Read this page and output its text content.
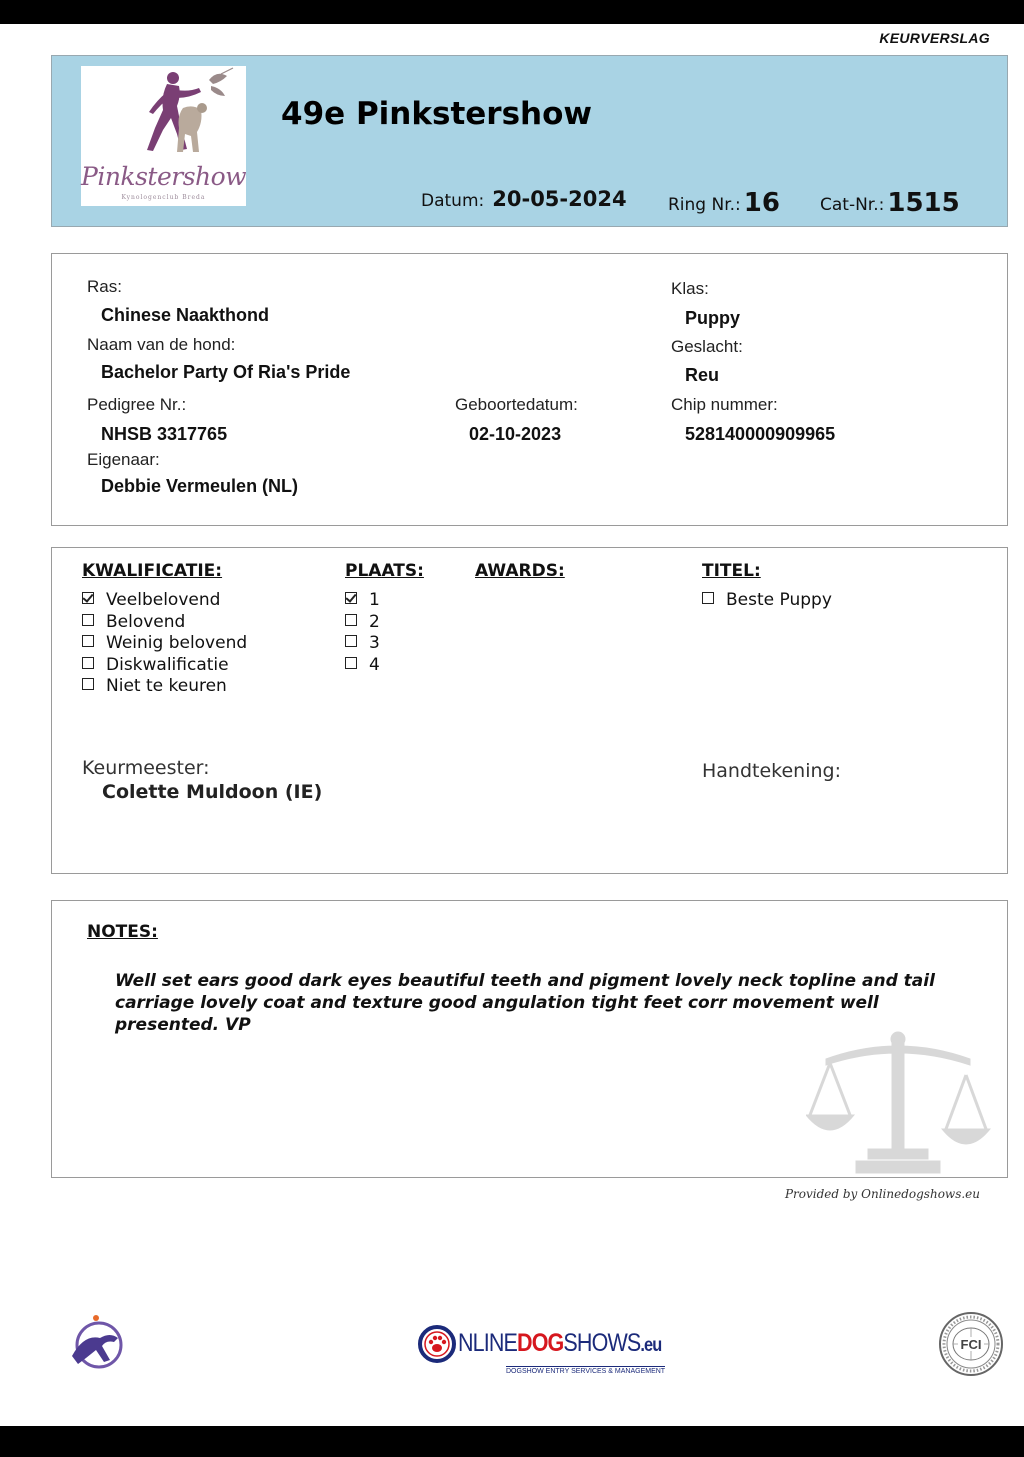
KEURVERSLAG
Pinkstershow
Kynologenclub Breda
49e Pinkstershow
Datum: 20-05-2024 Ring Nr.: 16 Cat-Nr.: 1515
Ras:
Chinese Naakthond
Naam van de hond:
Bachelor Party Of Ria's Pride
Pedigree Nr.:
NHSB 3317765
Geboortedatum:
02-10-2023
Eigenaar:
Debbie Vermeulen (NL)
Klas:
Puppy
Geslacht:
Reu
Chip nummer:
528140000909965
KWALIFICATIE:
Veelbelovend
Belovend
Weinig belovend
Diskwalificatie
Niet te keuren
PLAATS:
1
2
3
4
AWARDS:	TITEL:
Beste Puppy
Keurmeester:
Colette Muldoon (IE)
Handtekening:
NOTES:
Well set ears good dark eyes beautiful teeth and pigment lovely neck topline and tail carriage lovely coat and texture good angulation tight feet corr movement well presented. VP
Provided by Onlinedogshows.eu
NLINEDOGSHOWS.eu
DOGSHOW ENTRY SERVICES & MANAGEMENT
FCI
